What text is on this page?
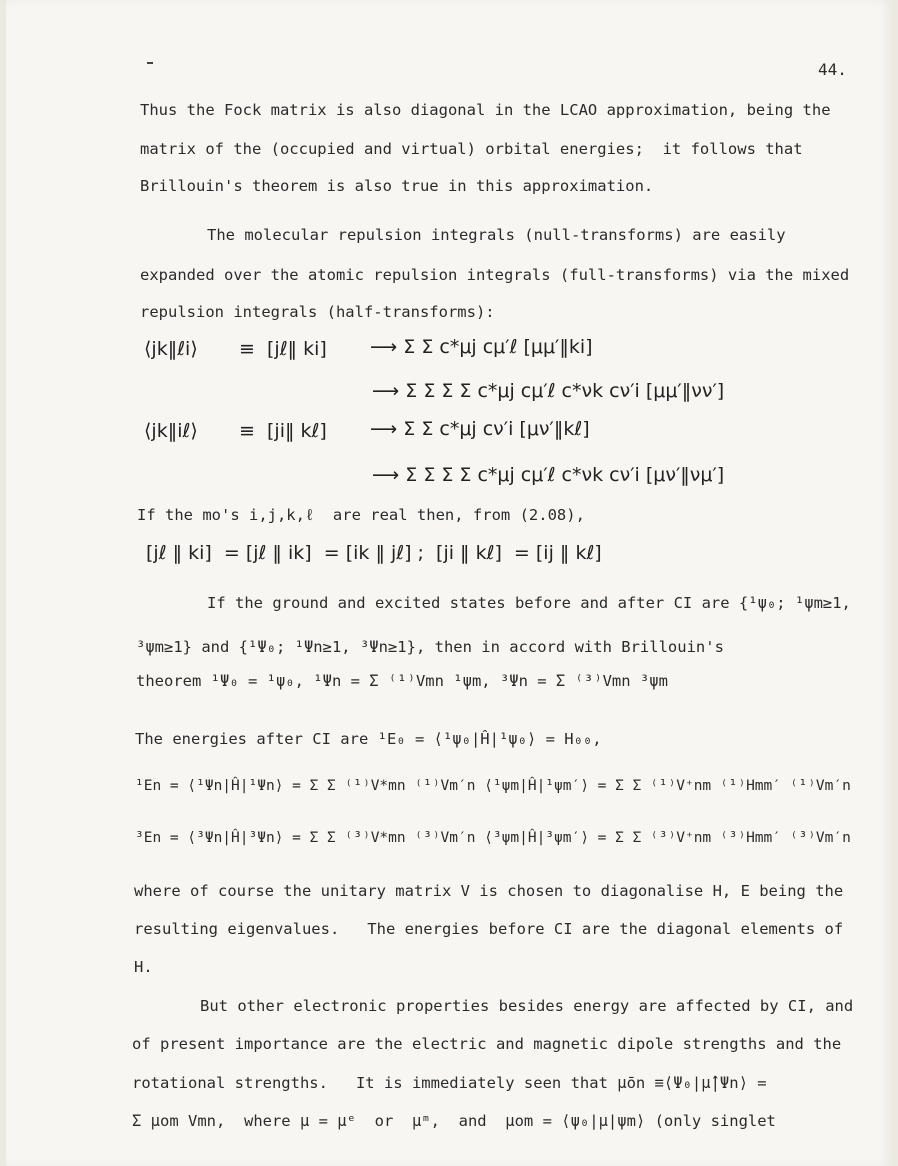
44.
Thus the Fock matrix is also diagonal in the LCAO approximation, being the
matrix of the (occupied and virtual) orbital energies;  it follows that
Brillouin's theorem is also true in this approximation.
The molecular repulsion integrals (null-transforms) are easily
expanded over the atomic repulsion integrals (full-transforms) via the mixed
repulsion integrals (half-transforms):
⟨jk‖ℓi⟩ ≡  [jℓ‖ ki] ⟶ Σ Σ c*μj cμ′ℓ [μμ′‖ki]
⟶ Σ Σ Σ Σ c*μj cμ′ℓ c*νk cν′i [μμ′‖νν′]
⟨jk‖iℓ⟩ ≡  [ji‖ kℓ] ⟶ Σ Σ c*μj cν′i [μν′‖kℓ]
⟶ Σ Σ Σ Σ c*μj cμ′ℓ c*νk cν′i [μν′‖νμ′]
If the mo's i,j,k,ℓ  are real then, from (2.08),
[jℓ ‖ ki]  = [jℓ ‖ ik]  = [ik ‖ jℓ] ;  [ji ‖ kℓ]  = [ij ‖ kℓ]
If the ground and excited states before and after CI are {¹ψ₀; ¹ψm≥1,
³ψm≥1} and {¹Ψ₀; ¹Ψn≥1, ³Ψn≥1}, then in accord with Brillouin's
theorem ¹Ψ₀ = ¹ψ₀, ¹Ψn = Σ ⁽¹⁾Vmn ¹ψm, ³Ψn = Σ ⁽³⁾Vmn ³ψm
The energies after CI are ¹E₀ = ⟨¹ψ₀|Ĥ|¹ψ₀⟩ = H₀₀,
¹En = ⟨¹Ψn|Ĥ|¹Ψn⟩ = Σ Σ ⁽¹⁾V*mn ⁽¹⁾Vm′n ⟨¹ψm|Ĥ|¹ψm′⟩ = Σ Σ ⁽¹⁾V⁺nm ⁽¹⁾Hmm′ ⁽¹⁾Vm′n
³En = ⟨³Ψn|Ĥ|³Ψn⟩ = Σ Σ ⁽³⁾V*mn ⁽³⁾Vm′n ⟨³ψm|Ĥ|³ψm′⟩ = Σ Σ ⁽³⁾V⁺nm ⁽³⁾Hmm′ ⁽³⁾Vm′n
where of course the unitary matrix V is chosen to diagonalise H, E being the
resulting eigenvalues.   The energies before CI are the diagonal elements of
H.
But other electronic properties besides energy are affected by CI, and
of present importance are the electric and magnetic dipole strengths and the
rotational strengths.   It is immediately seen that μ̄on ≡⟨Ψ₀|μ̂|Ψn⟩ =
Σ μom Vmn,  where μ = μᵉ  or  μᵐ,  and  μom = ⟨ψ₀|μ|ψm⟩ (only singlet
